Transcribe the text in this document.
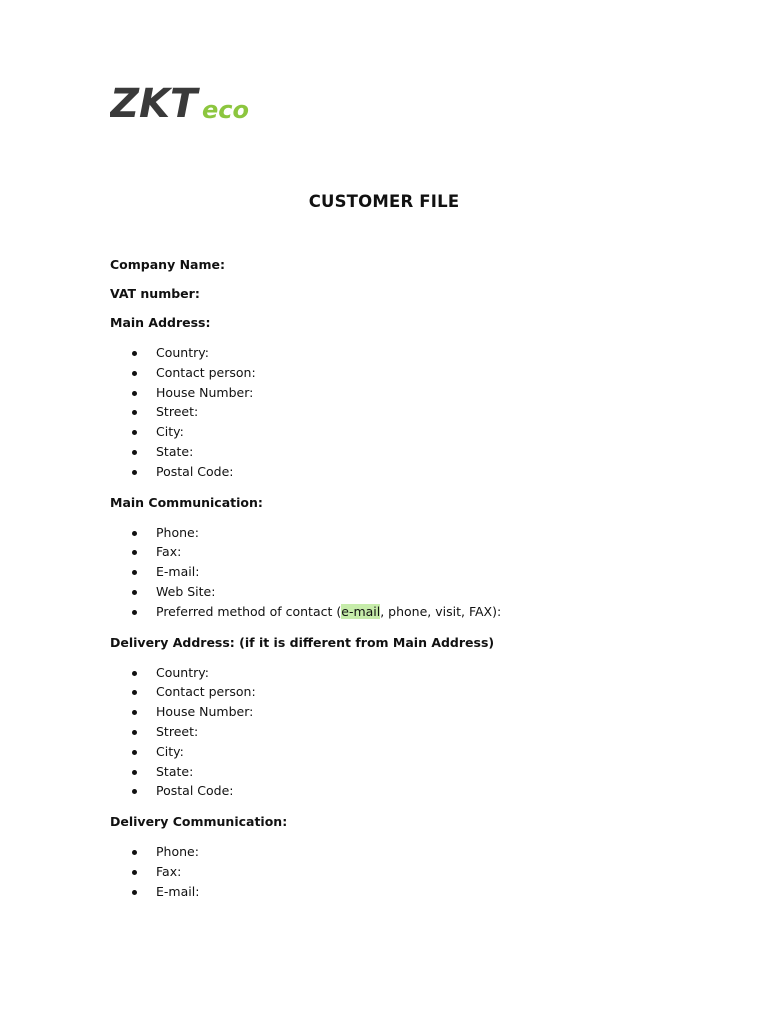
ZKT eco
CUSTOMER FILE
Company Name:
VAT number:
Main Address:
Country:
Contact person:
House Number:
Street:
City:
State:
Postal Code:
Main Communication:
Phone:
Fax:
E-mail:
Web Site:
Preferred method of contact (e-mail, phone, visit, FAX):
Delivery Address: (if it is different from Main Address)
Country:
Contact person:
House Number:
Street:
City:
State:
Postal Code:
Delivery Communication:
Phone:
Fax:
E-mail:
